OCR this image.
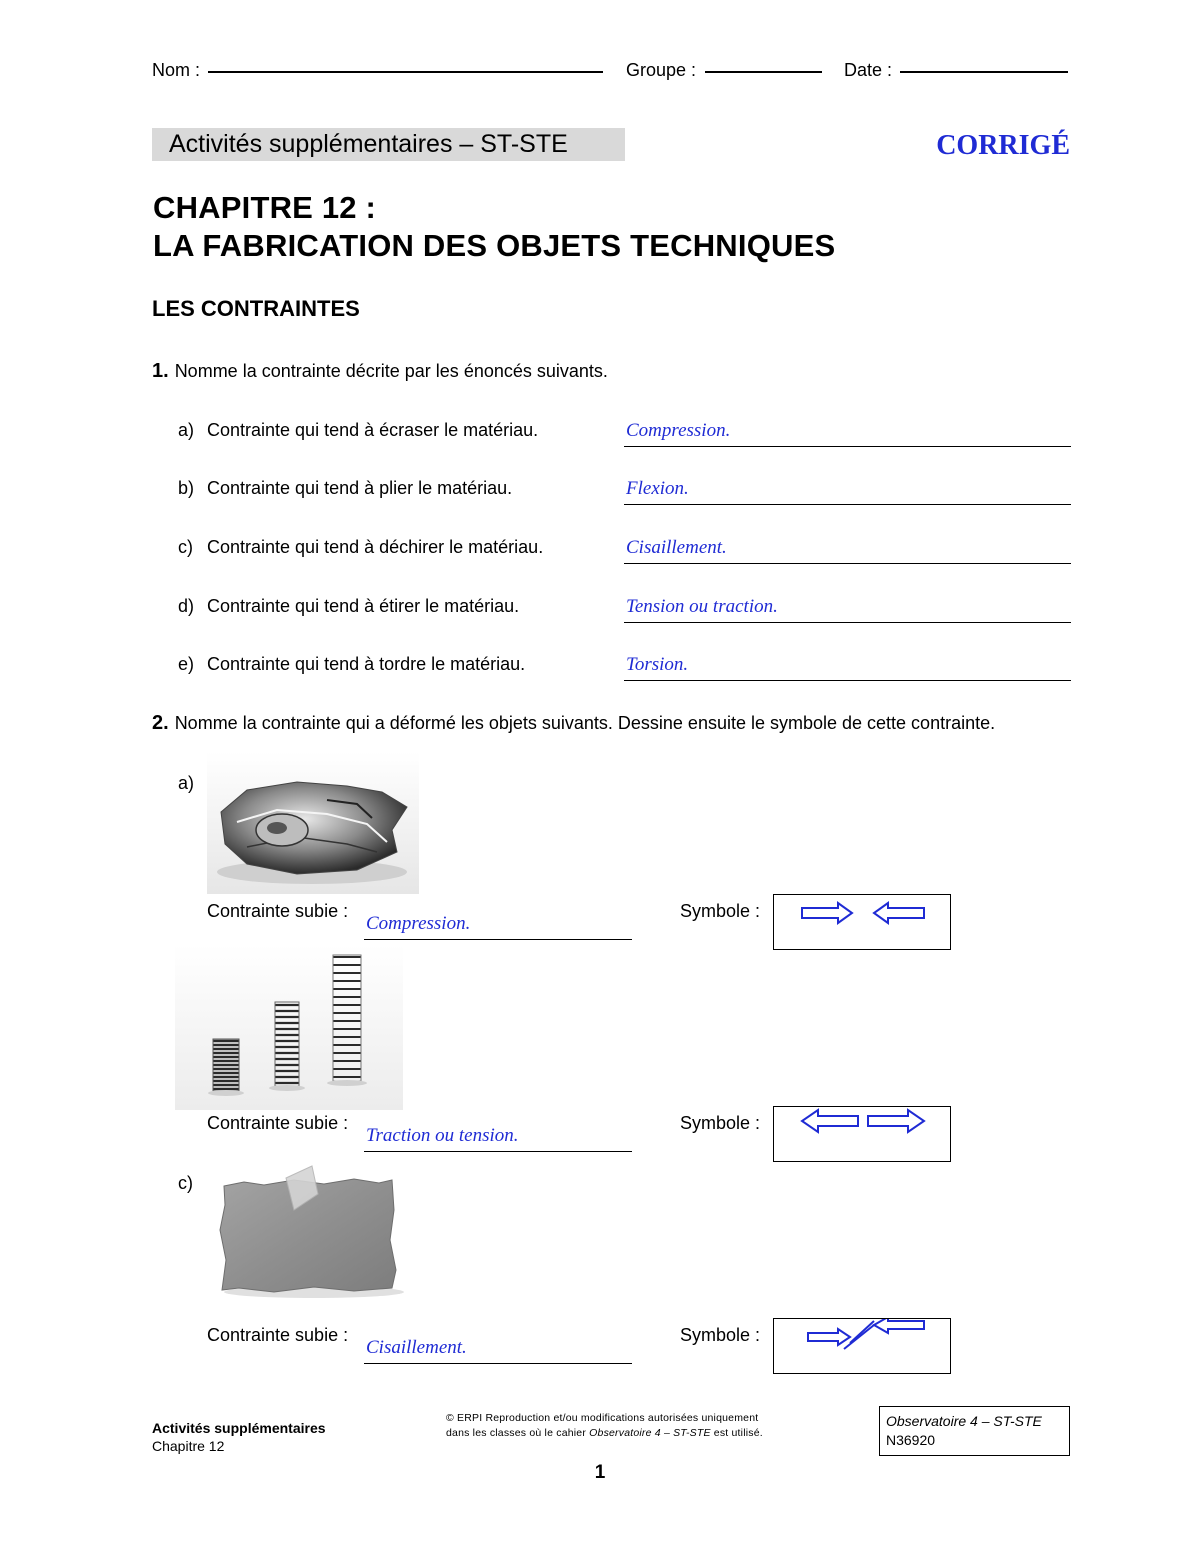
Nom :	Groupe :	Date :
Activités supplémentaires – ST-STE	CORRIGÉ
CHAPITRE 12 :
LA FABRICATION DES OBJETS TECHNIQUES
LES CONTRAINTES
1. Nomme la contrainte décrite par les énoncés suivants.
a) Contrainte qui tend à écraser le matériau.	Compression.
b) Contrainte qui tend à plier le matériau.	Flexion.
c) Contrainte qui tend à déchirer le matériau.	Cisaillement.
d) Contrainte qui tend à étirer le matériau.	Tension ou traction.
e) Contrainte qui tend à tordre le matériau.	Torsion.
2. Nomme la contrainte qui a déformé les objets suivants. Dessine ensuite le symbole de cette contrainte.
a)
Contrainte subie :
Compression.
Symbole :
Contrainte subie :
Traction ou tension.
Symbole :
c)
Contrainte subie :
Cisaillement.
Symbole :
Activités supplémentaires
Chapitre 12
© ERPI Reproduction et/ou modifications autorisées uniquement
dans les classes où le cahier Observatoire 4 – ST-STE est utilisé.
Observatoire 4 – ST-STE
N36920
1
